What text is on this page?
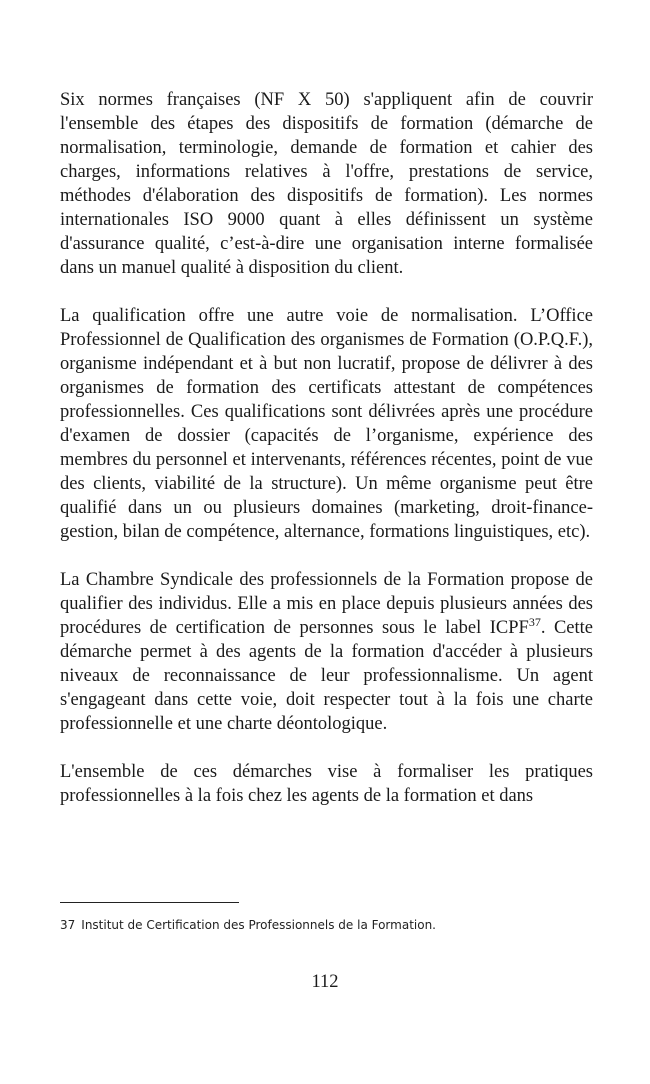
Six normes françaises (NF X 50) s'appliquent afin de couvrir l'ensemble des étapes des dispositifs de formation (démarche de normalisation, terminologie, demande de formation et cahier des charges, informations relatives à l'offre, prestations de service, méthodes d'élaboration des dispositifs de formation). Les normes internationales ISO 9000 quant à elles définissent un système d'assurance qualité, c’est-à-dire une organisation interne formalisée dans un manuel qualité à disposition du client.

La qualification offre une autre voie de normalisation. L’Office Professionnel de Qualification des organismes de Formation (O.P.Q.F.), organisme indépendant et à but non lucratif, propose de délivrer à des organismes de formation des certificats attestant de compétences professionnelles. Ces qualifications sont délivrées après une procédure d'examen de dossier (capacités de l’organisme, expérience des membres du personnel et intervenants, références récentes, point de vue des clients, viabilité de la structure). Un même organisme peut être qualifié dans un ou plusieurs domaines (marketing, droit-finance-gestion, bilan de compétence, alternance, formations linguistiques, etc).

La Chambre Syndicale des professionnels de la Formation propose de qualifier des individus. Elle a mis en place depuis plusieurs années des procédures de certification de personnes sous le label ICPF$^{37}$. Cette démarche permet à des agents de la formation d'accéder à plusieurs niveaux de reconnaissance de leur professionnalisme. Un agent s'engageant dans cette voie, doit respecter tout à la fois une charte professionnelle et une charte déontologique.

L'ensemble de ces démarches vise à formaliser les pratiques professionnelles à la fois chez les agents de la formation et dans

37 Institut de Certification des Professionnels de la Formation.
112
